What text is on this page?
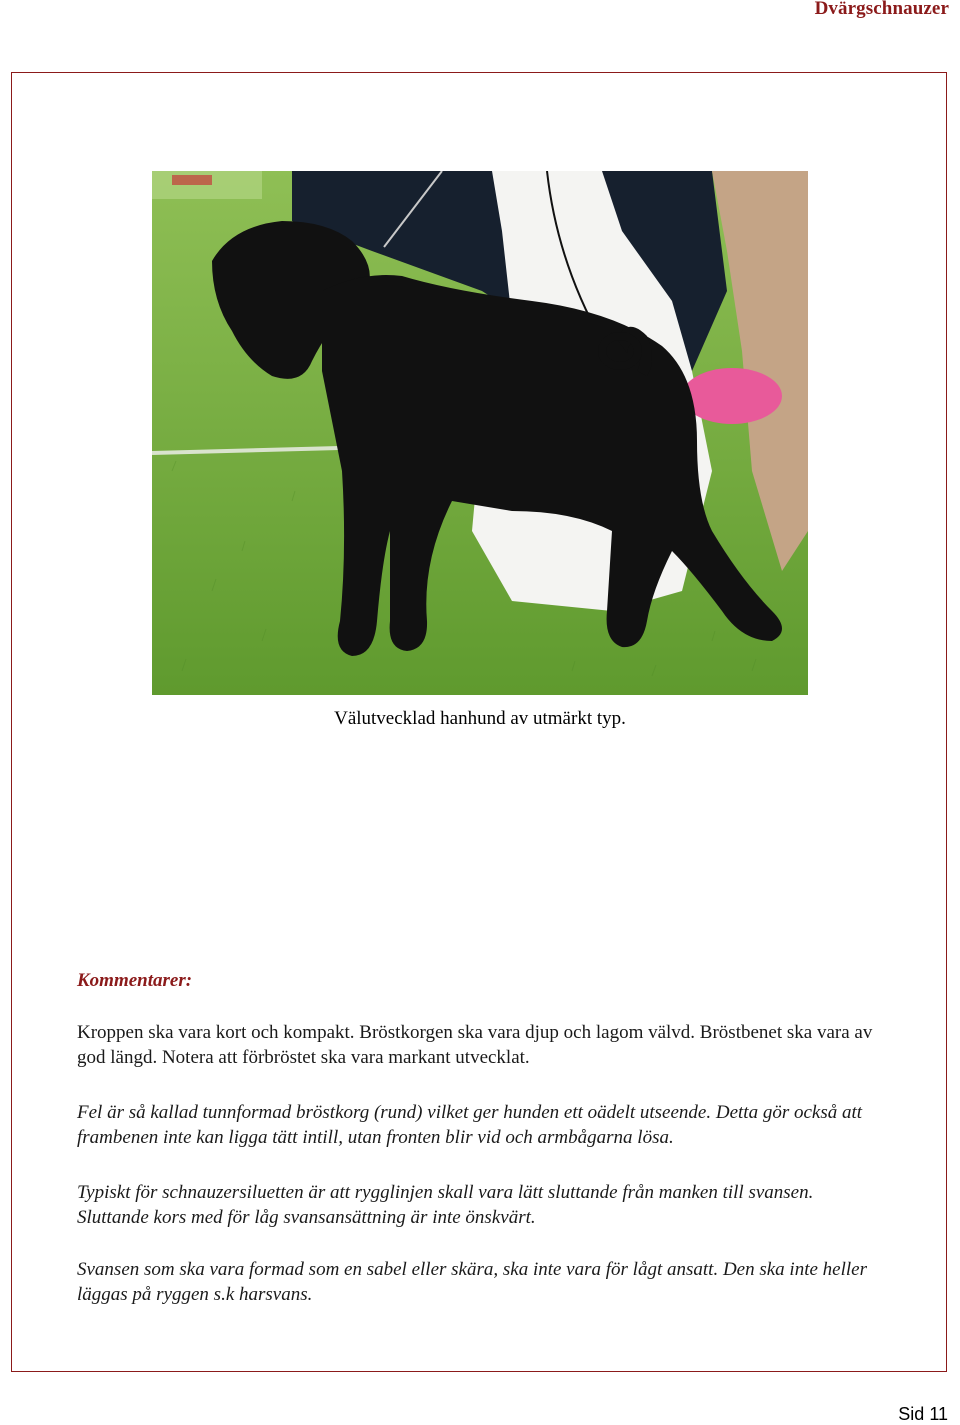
Dvärgschnauzer
Välutvecklad hanhund av utmärkt typ.
Kommentarer:
Kroppen ska vara kort och kompakt. Bröstkorgen ska vara djup och lagom välvd. Bröstbenet ska vara av god längd. Notera att förbröstet ska vara markant utvecklat.
Fel är så kallad tunnformad bröstkorg (rund) vilket ger hunden ett oädelt utseende. Detta gör också att frambenen inte kan ligga tätt intill, utan fronten blir vid och armbågarna lösa.
Typiskt för schnauzersiluetten är att rygglinjen skall vara lätt sluttande från manken till svansen. Sluttande kors med för låg svansansättning är inte önskvärt.
Svansen som ska vara formad som en sabel eller skära, ska inte vara för lågt ansatt. Den ska inte heller läggas på ryggen s.k harsvans.
Sid 11
